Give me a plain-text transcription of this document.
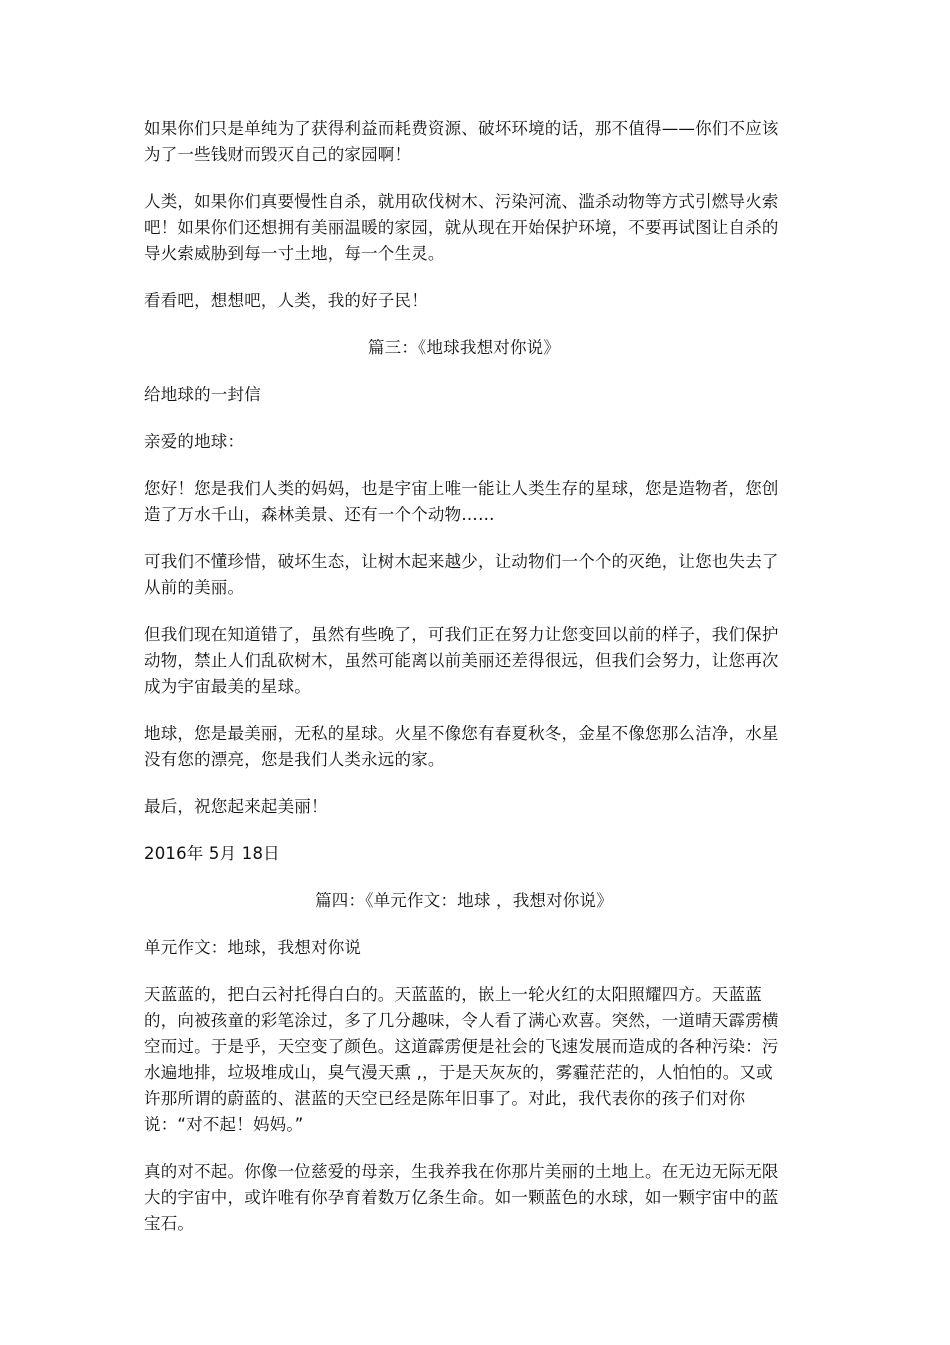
如果你们只是单纯为了获得利益而耗费资源、破坏环境的话，那不值得——你们不应该为了一些钱财而毁灭自己的家园啊！

人类，如果你们真要慢性自杀，就用砍伐树木、污染河流、滥杀动物等方式引燃导火索吧！如果你们还想拥有美丽温暖的家园，就从现在开始保护环境，不要再试图让自杀的导火索威胁到每一寸土地，每一个生灵。

看看吧，想想吧，人类，我的好子民！

篇三：《地球我想对你说》

给地球的一封信

亲爱的地球：

您好！您是我们人类的妈妈，也是宇宙上唯一能让人类生存的星球，您是造物者，您创造了万水千山，森林美景、还有一个个动物……

可我们不懂珍惜，破坏生态，让树木起来越少，让动物们一个个的灭绝，让您也失去了从前的美丽。

但我们现在知道错了，虽然有些晚了，可我们正在努力让您变回以前的样子，我们保护动物，禁止人们乱砍树木，虽然可能离以前美丽还差得很远，但我们会努力，让您再次成为宇宙最美的星球。

地球，您是最美丽，无私的星球。火星不像您有春夏秋冬，金星不像您那么洁净，水星没有您的漂亮，您是我们人类永远的家。

最后，祝您起来起美丽！

2016年 5月 18日

篇四：《单元作文：地球 ，我想对你说》

单元作文：地球，我想对你说

天蓝蓝的，把白云衬托得白白的。天蓝蓝的，嵌上一轮火红的太阳照耀四方。天蓝蓝的，向被孩童的彩笔涂过，多了几分趣味，令人看了满心欢喜。突然，一道晴天霹雳横空而过。于是乎，天空变了颜色。这道霹雳便是社会的飞速发展而造成的各种污染：污水遍地排，垃圾堆成山，臭气漫天熏 ,，于是天灰灰的，雾霾茫茫的，人怕怕的。又或许那所谓的蔚蓝的、湛蓝的天空已经是陈年旧事了。对此，我代表你的孩子们对你说：“对不起！妈妈。”

真的对不起。你像一位慈爱的母亲，生我养我在你那片美丽的土地上。在无边无际无限大的宇宙中，或许唯有你孕育着数万亿条生命。如一颗蓝色的水球，如一颗宇宙中的蓝宝石。
